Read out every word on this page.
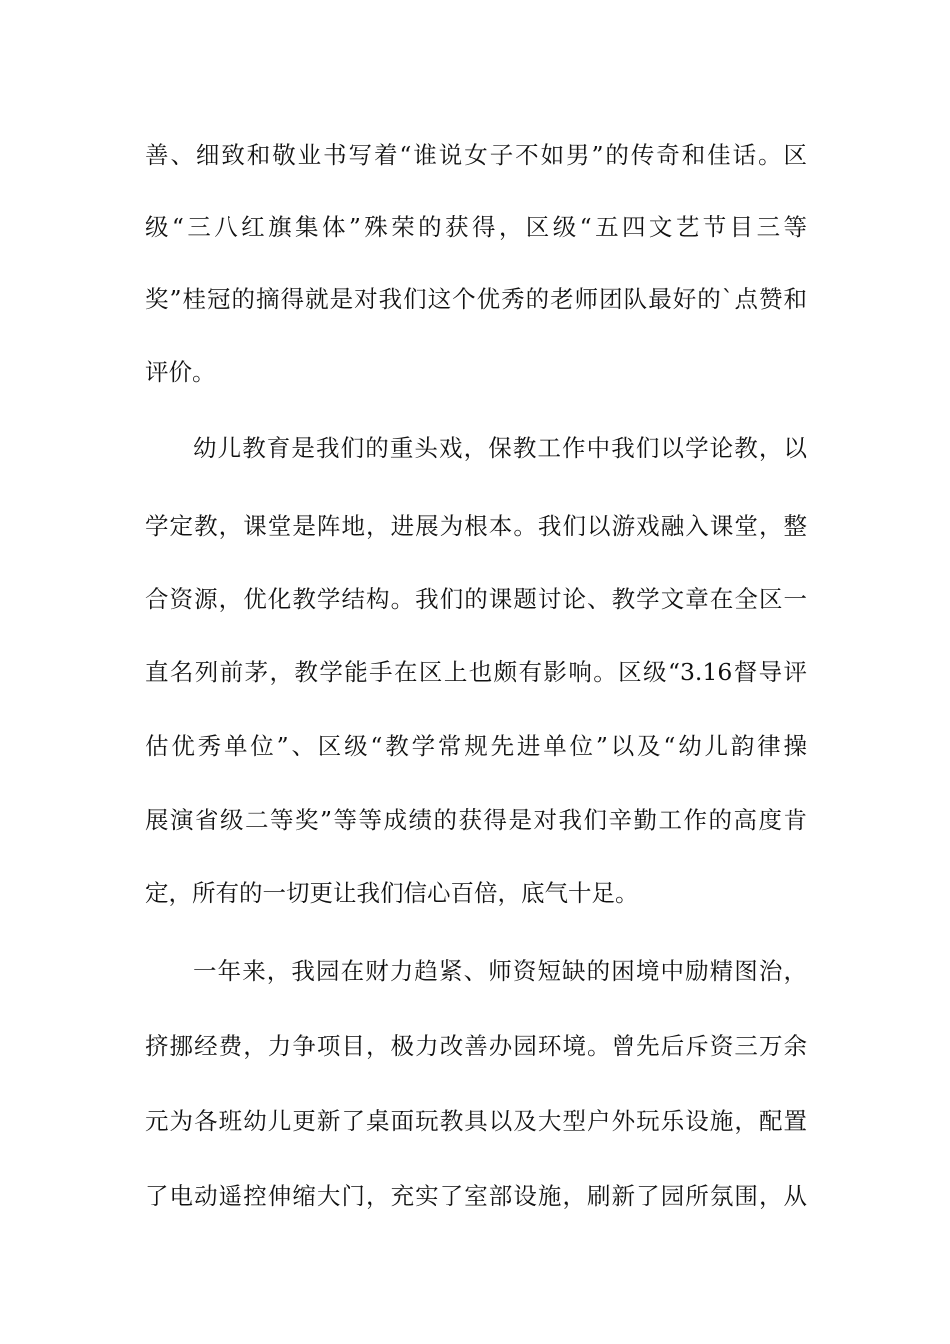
善、细致和敬业书写着“谁说女子不如男”的传奇和佳话。区
级“三八红旗集体”殊荣的获得，区级“五四文艺节目三等
奖”桂冠的摘得就是对我们这个优秀的老师团队最好的`点赞和
评价。
幼儿教育是我们的重头戏，保教工作中我们以学论教，以
学定教，课堂是阵地，进展为根本。我们以游戏融入课堂，整
合资源，优化教学结构。我们的课题讨论、教学文章在全区一
直名列前茅，教学能手在区上也颇有影响。区级“3.16督导评
估优秀单位”、区级“教学常规先进单位”以及“幼儿韵律操
展演省级二等奖”等等成绩的获得是对我们辛勤工作的高度肯
定，所有的一切更让我们信心百倍，底气十足。
一年来，我园在财力趋紧、师资短缺的困境中励精图治，
挤挪经费，力争项目，极力改善办园环境。曾先后斥资三万余
元为各班幼儿更新了桌面玩教具以及大型户外玩乐设施，配置
了电动遥控伸缩大门，充实了室部设施，刷新了园所氛围，从
